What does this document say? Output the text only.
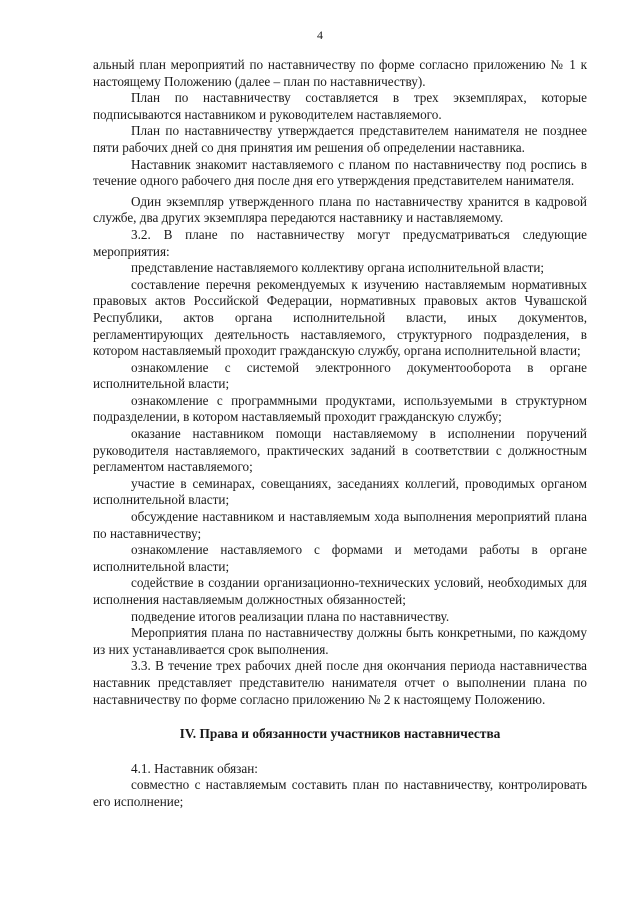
4

альный план мероприятий по наставничеству по форме согласно приложению № 1 к настоящему Положению (далее – план по наставничеству).

План по наставничеству составляется в трех экземплярах, которые подписываются наставником и руководителем наставляемого.

План по наставничеству утверждается представителем нанимателя не позднее пяти рабочих дней со дня принятия им решения об определении наставника.

Наставник знакомит наставляемого с планом по наставничеству под роспись в течение одного рабочего дня после дня его утверждения представителем нанимателя.

Один экземпляр утвержденного плана по наставничеству хранится в кадровой службе, два других экземпляра передаются наставнику и наставляемому.

3.2. В плане по наставничеству могут предусматриваться следующие мероприятия:

представление наставляемого коллективу органа исполнительной власти;

составление перечня рекомендуемых к изучению наставляемым нормативных правовых актов Российской Федерации, нормативных правовых актов Чувашской Республики, актов органа исполнительной власти, иных документов, регламентирующих деятельность наставляемого, структурного подразделения, в котором наставляемый проходит гражданскую службу, органа исполнительной власти;

ознакомление с системой электронного документооборота в органе исполнительной власти;

ознакомление с программными продуктами, используемыми в структурном подразделении, в котором наставляемый проходит гражданскую службу;

оказание наставником помощи наставляемому в исполнении поручений руководителя наставляемого, практических заданий в соответствии с должностным регламентом наставляемого;

участие в семинарах, совещаниях, заседаниях коллегий, проводимых органом исполнительной власти;

обсуждение наставником и наставляемым хода выполнения мероприятий плана по наставничеству;

ознакомление наставляемого с формами и методами работы в органе исполнительной власти;

содействие в создании организационно-технических условий, необходимых для исполнения наставляемым должностных обязанностей;

подведение итогов реализации плана по наставничеству.

Мероприятия плана по наставничеству должны быть конкретными, по каждому из них устанавливается срок выполнения.

3.3. В течение трех рабочих дней после дня окончания периода наставничества наставник представляет представителю нанимателя отчет о выполнении плана по наставничеству по форме согласно приложению № 2 к настоящему Положению.

IV. Права и обязанности участников наставничества

4.1. Наставник обязан:

совместно с наставляемым составить план по наставничеству, контролировать его исполнение;
